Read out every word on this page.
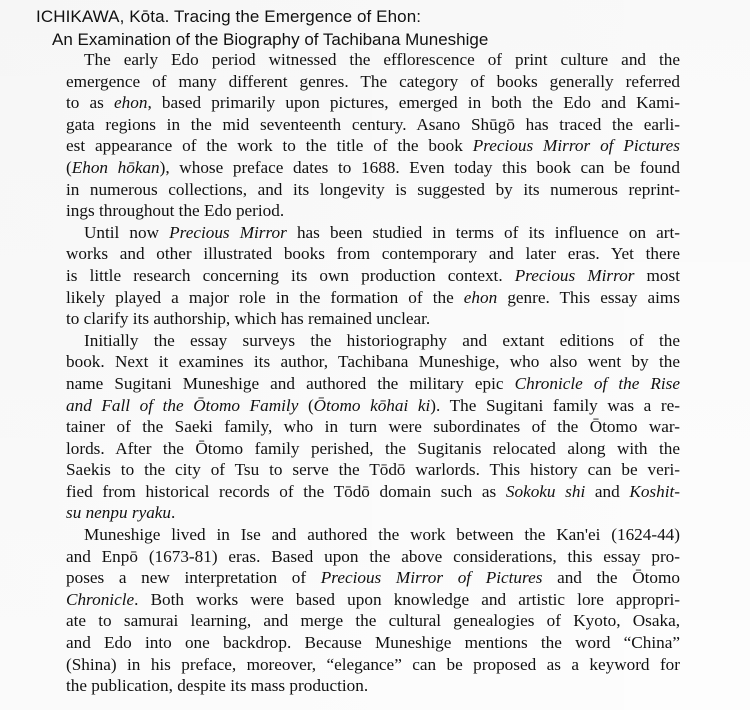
ICHIKAWA, Kōta. Tracing the Emergence of Ehon:
An Examination of the Biography of Tachibana Muneshige
The early Edo period witnessed the efflorescence of print culture and the
emergence of many different genres. The category of books generally referred
to as ehon, based primarily upon pictures, emerged in both the Edo and Kami-
gata regions in the mid seventeenth century. Asano Shūgō has traced the earli-
est appearance of the work to the title of the book Precious Mirror of Pictures
(Ehon hōkan), whose preface dates to 1688. Even today this book can be found
in numerous collections, and its longevity is suggested by its numerous reprint-
ings throughout the Edo period.
Until now Precious Mirror has been studied in terms of its influence on art-
works and other illustrated books from contemporary and later eras. Yet there
is little research concerning its own production context. Precious Mirror most
likely played a major role in the formation of the ehon genre. This essay aims
to clarify its authorship, which has remained unclear.
Initially the essay surveys the historiography and extant editions of the
book. Next it examines its author, Tachibana Muneshige, who also went by the
name Sugitani Muneshige and authored the military epic Chronicle of the Rise
and Fall of the Ōtomo Family (Ōtomo kōhai ki). The Sugitani family was a re-
tainer of the Saeki family, who in turn were subordinates of the Ōtomo war-
lords. After the Ōtomo family perished, the Sugitanis relocated along with the
Saekis to the city of Tsu to serve the Tōdō warlords. This history can be veri-
fied from historical records of the Tōdō domain such as Sokoku shi and Koshit-
su nenpu ryaku.
Muneshige lived in Ise and authored the work between the Kan'ei (1624-44)
and Enpō (1673-81) eras. Based upon the above considerations, this essay pro-
poses a new interpretation of Precious Mirror of Pictures and the Ōtomo
Chronicle. Both works were based upon knowledge and artistic lore appropri-
ate to samurai learning, and merge the cultural genealogies of Kyoto, Osaka,
and Edo into one backdrop. Because Muneshige mentions the word “China”
(Shina) in his preface, moreover, “elegance” can be proposed as a keyword for
the publication, despite its mass production.
